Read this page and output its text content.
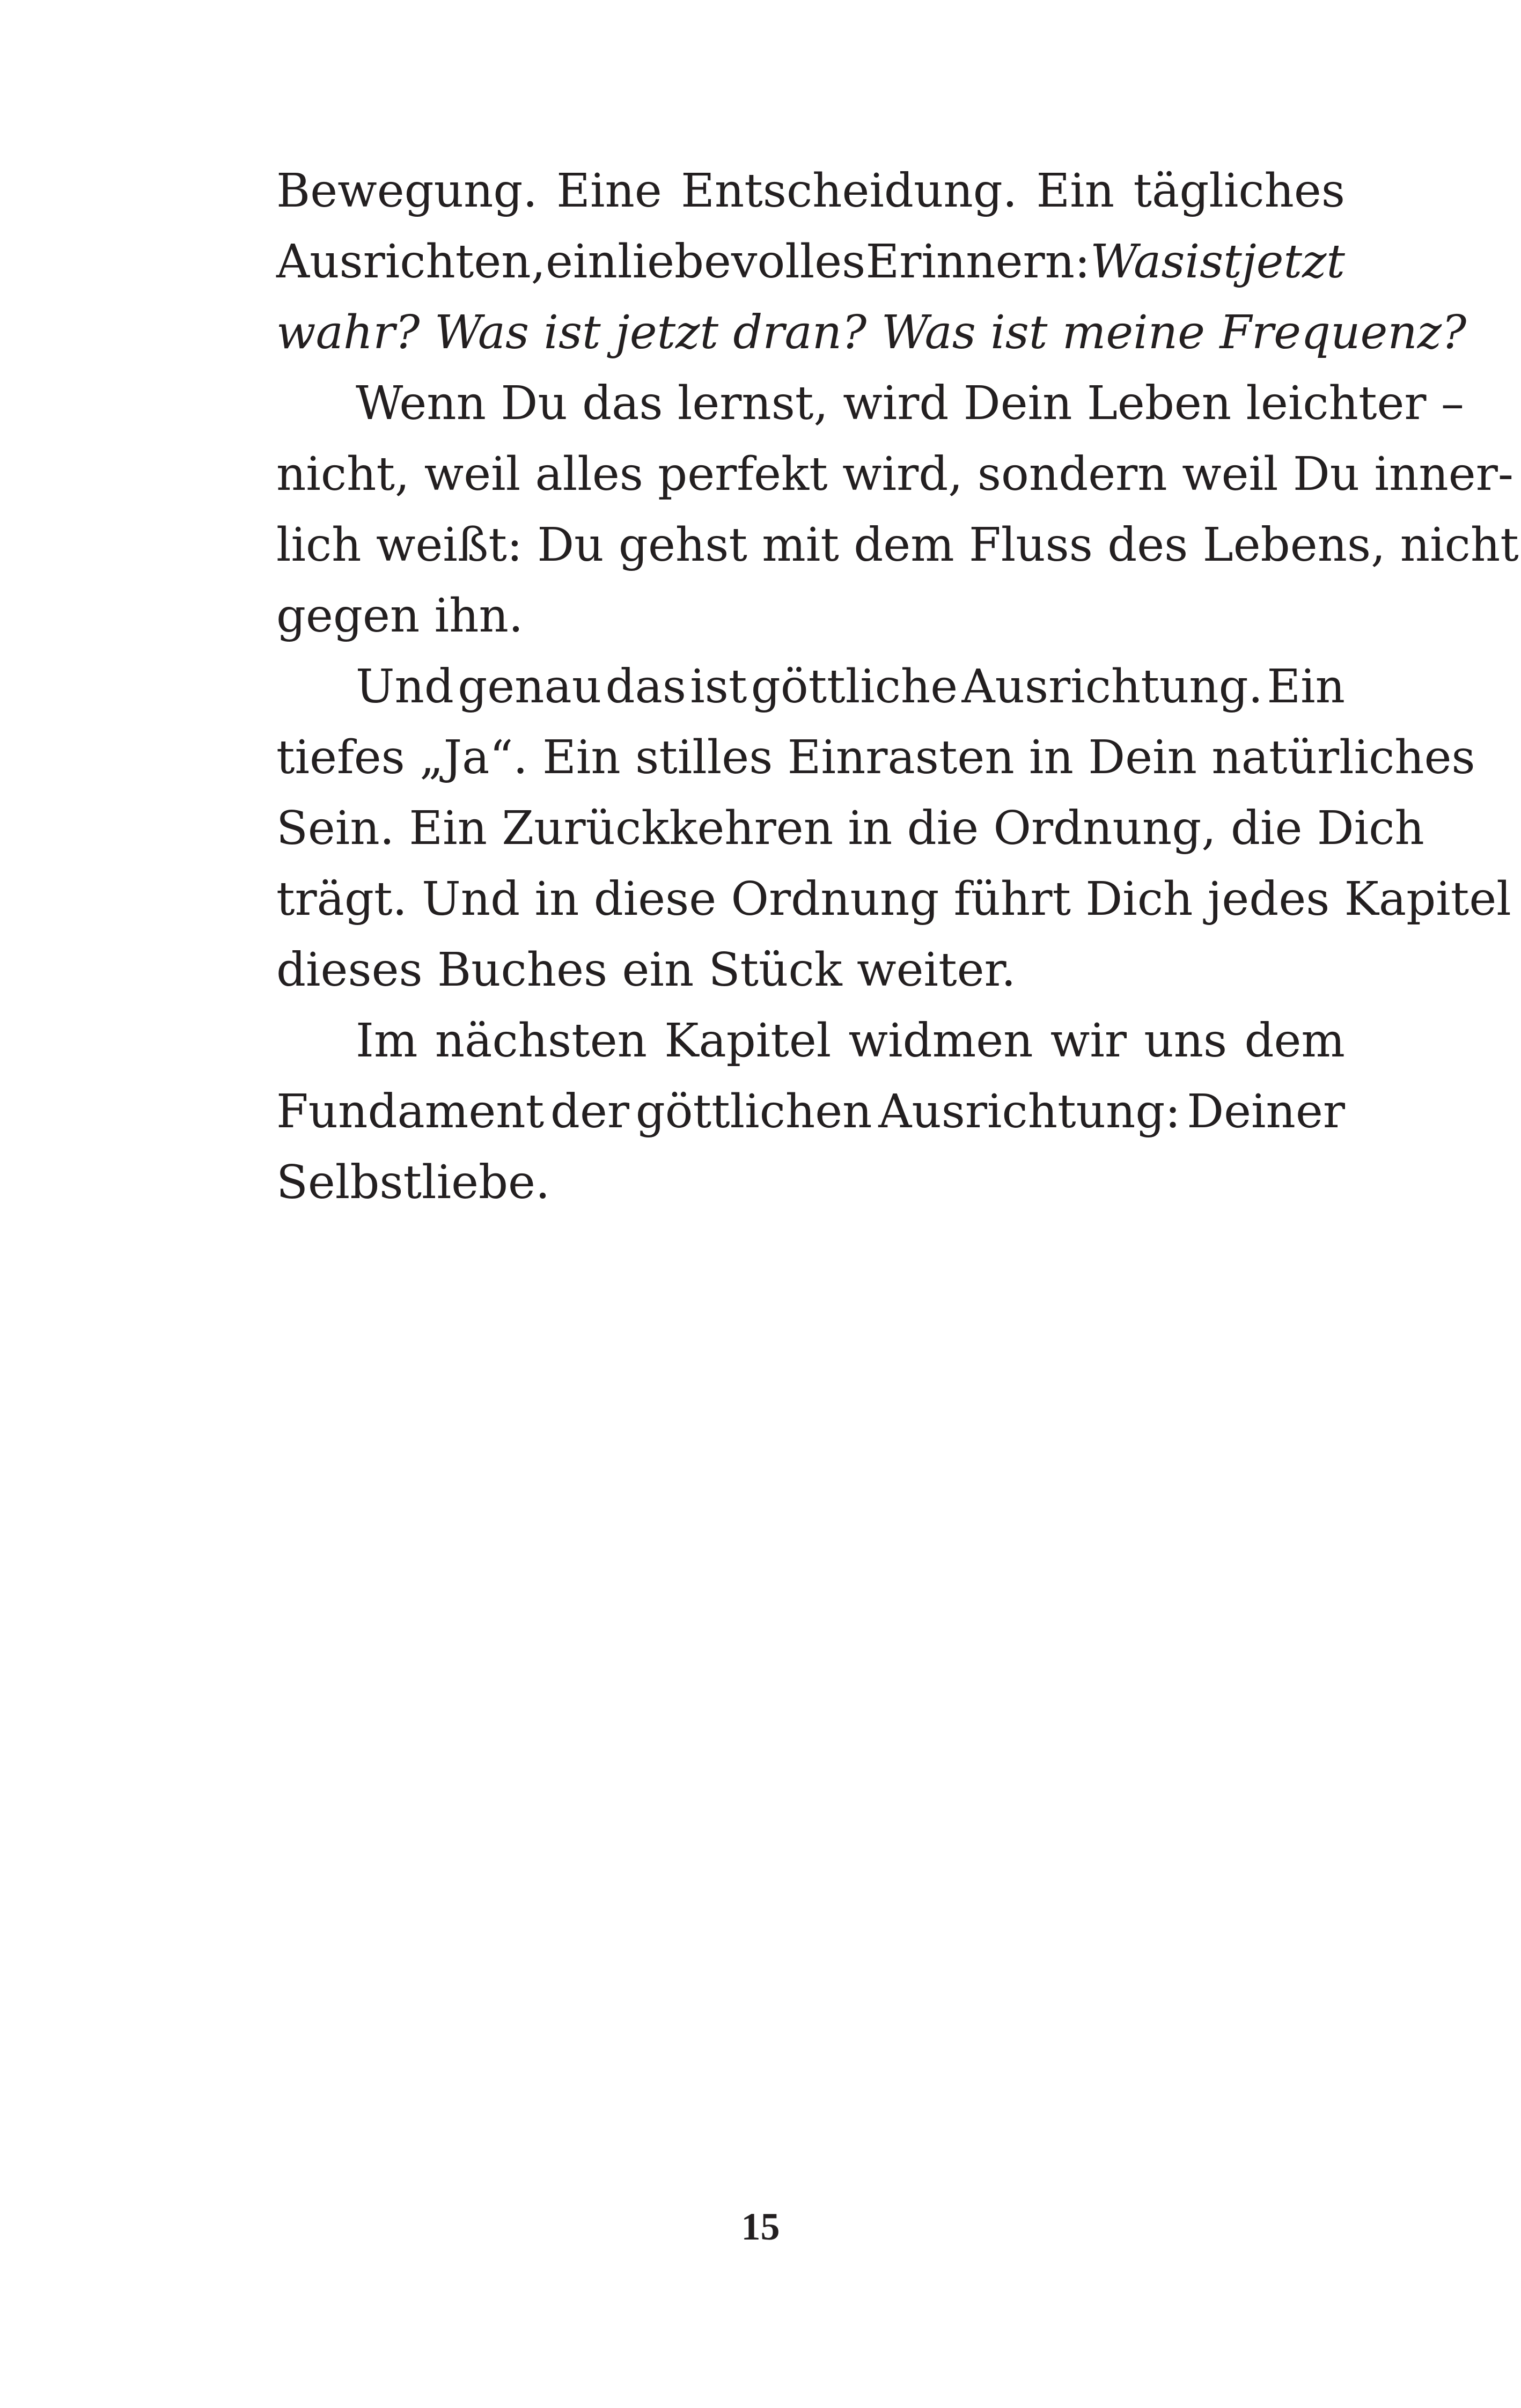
Bewegung. Eine Entscheidung. Ein tägliches
Ausrichten, ein liebevolles Erinnern: Was ist jetzt
wahr? Was ist jetzt dran? Was ist meine Frequenz?
Wenn Du das lernst, wird Dein Leben leichter –
nicht, weil alles perfekt wird, sondern weil Du inner-
lich weißt: Du gehst mit dem Fluss des Lebens, nicht
gegen ihn.
Und genau das ist göttliche Ausrichtung. Ein
tiefes „Ja“. Ein stilles Einrasten in Dein natürliches
Sein. Ein Zurückkehren in die Ordnung, die Dich
trägt. Und in diese Ordnung führt Dich jedes Kapitel
dieses Buches ein Stück weiter.
Im nächsten Kapitel widmen wir uns dem
Fundament der göttlichen Ausrichtung: Deiner
Selbstliebe.
15
